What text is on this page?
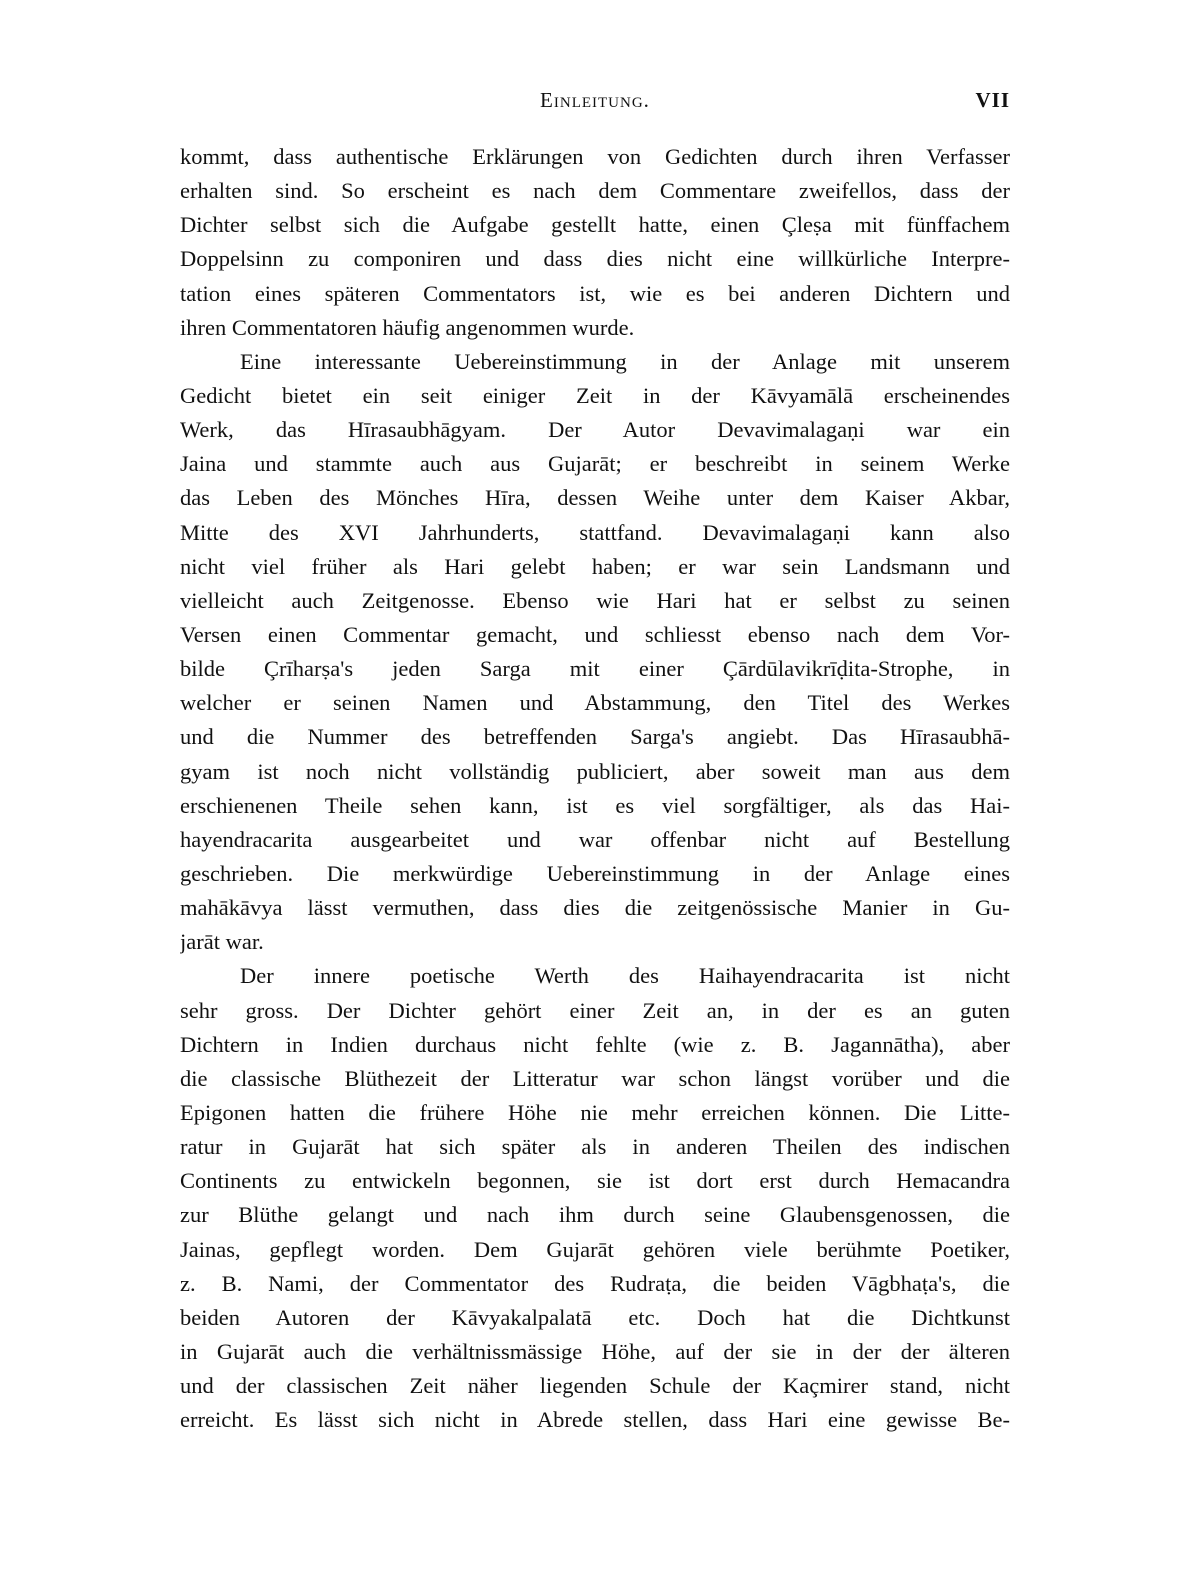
Einleitung.	VII
kommt, dass authentische Erklärungen von Gedichten durch ihren Verfasser
erhalten sind. So erscheint es nach dem Commentare zweifellos, dass der
Dichter selbst sich die Aufgabe gestellt hatte, einen Çleṣa mit fünffachem
Doppelsinn zu componiren und dass dies nicht eine willkürliche Interpre-
tation eines späteren Commentators ist, wie es bei anderen Dichtern und
ihren Commentatoren häufig angenommen wurde.
Eine interessante Uebereinstimmung in der Anlage mit unserem
Gedicht bietet ein seit einiger Zeit in der Kāvyamālā erscheinendes
Werk, das Hīrasaubhāgyam. Der Autor Devavimalagaṇi war ein
Jaina und stammte auch aus Gujarāt; er beschreibt in seinem Werke
das Leben des Mönches Hīra, dessen Weihe unter dem Kaiser Akbar,
Mitte des XVI Jahrhunderts, stattfand. Devavimalagaṇi kann also
nicht viel früher als Hari gelebt haben; er war sein Landsmann und
vielleicht auch Zeitgenosse. Ebenso wie Hari hat er selbst zu seinen
Versen einen Commentar gemacht, und schliesst ebenso nach dem Vor-
bilde Çrīharṣa's jeden Sarga mit einer Çārdūlavikrīḍita-Strophe, in
welcher er seinen Namen und Abstammung, den Titel des Werkes
und die Nummer des betreffenden Sarga's angiebt. Das Hīrasaubhā-
gyam ist noch nicht vollständig publiciert, aber soweit man aus dem
erschienenen Theile sehen kann, ist es viel sorgfältiger, als das Hai-
hayendracarita ausgearbeitet und war offenbar nicht auf Bestellung
geschrieben. Die merkwürdige Uebereinstimmung in der Anlage eines
mahākāvya lässt vermuthen, dass dies die zeitgenössische Manier in Gu-
jarāt war.
Der innere poetische Werth des Haihayendracarita ist nicht
sehr gross. Der Dichter gehört einer Zeit an, in der es an guten
Dichtern in Indien durchaus nicht fehlte (wie z. B. Jagannātha), aber
die classische Blüthezeit der Litteratur war schon längst vorüber und die
Epigonen hatten die frühere Höhe nie mehr erreichen können. Die Litte-
ratur in Gujarāt hat sich später als in anderen Theilen des indischen
Continents zu entwickeln begonnen, sie ist dort erst durch Hemacandra
zur Blüthe gelangt und nach ihm durch seine Glaubensgenossen, die
Jainas, gepflegt worden. Dem Gujarāt gehören viele berühmte Poetiker,
z. B. Nami, der Commentator des Rudraṭa, die beiden Vāgbhaṭa's, die
beiden Autoren der Kāvyakalpalatā etc. Doch hat die Dichtkunst
in Gujarāt auch die verhältnissmässige Höhe, auf der sie in der der älteren
und der classischen Zeit näher liegenden Schule der Kaçmirer stand, nicht
erreicht. Es lässt sich nicht in Abrede stellen, dass Hari eine gewisse Be-
